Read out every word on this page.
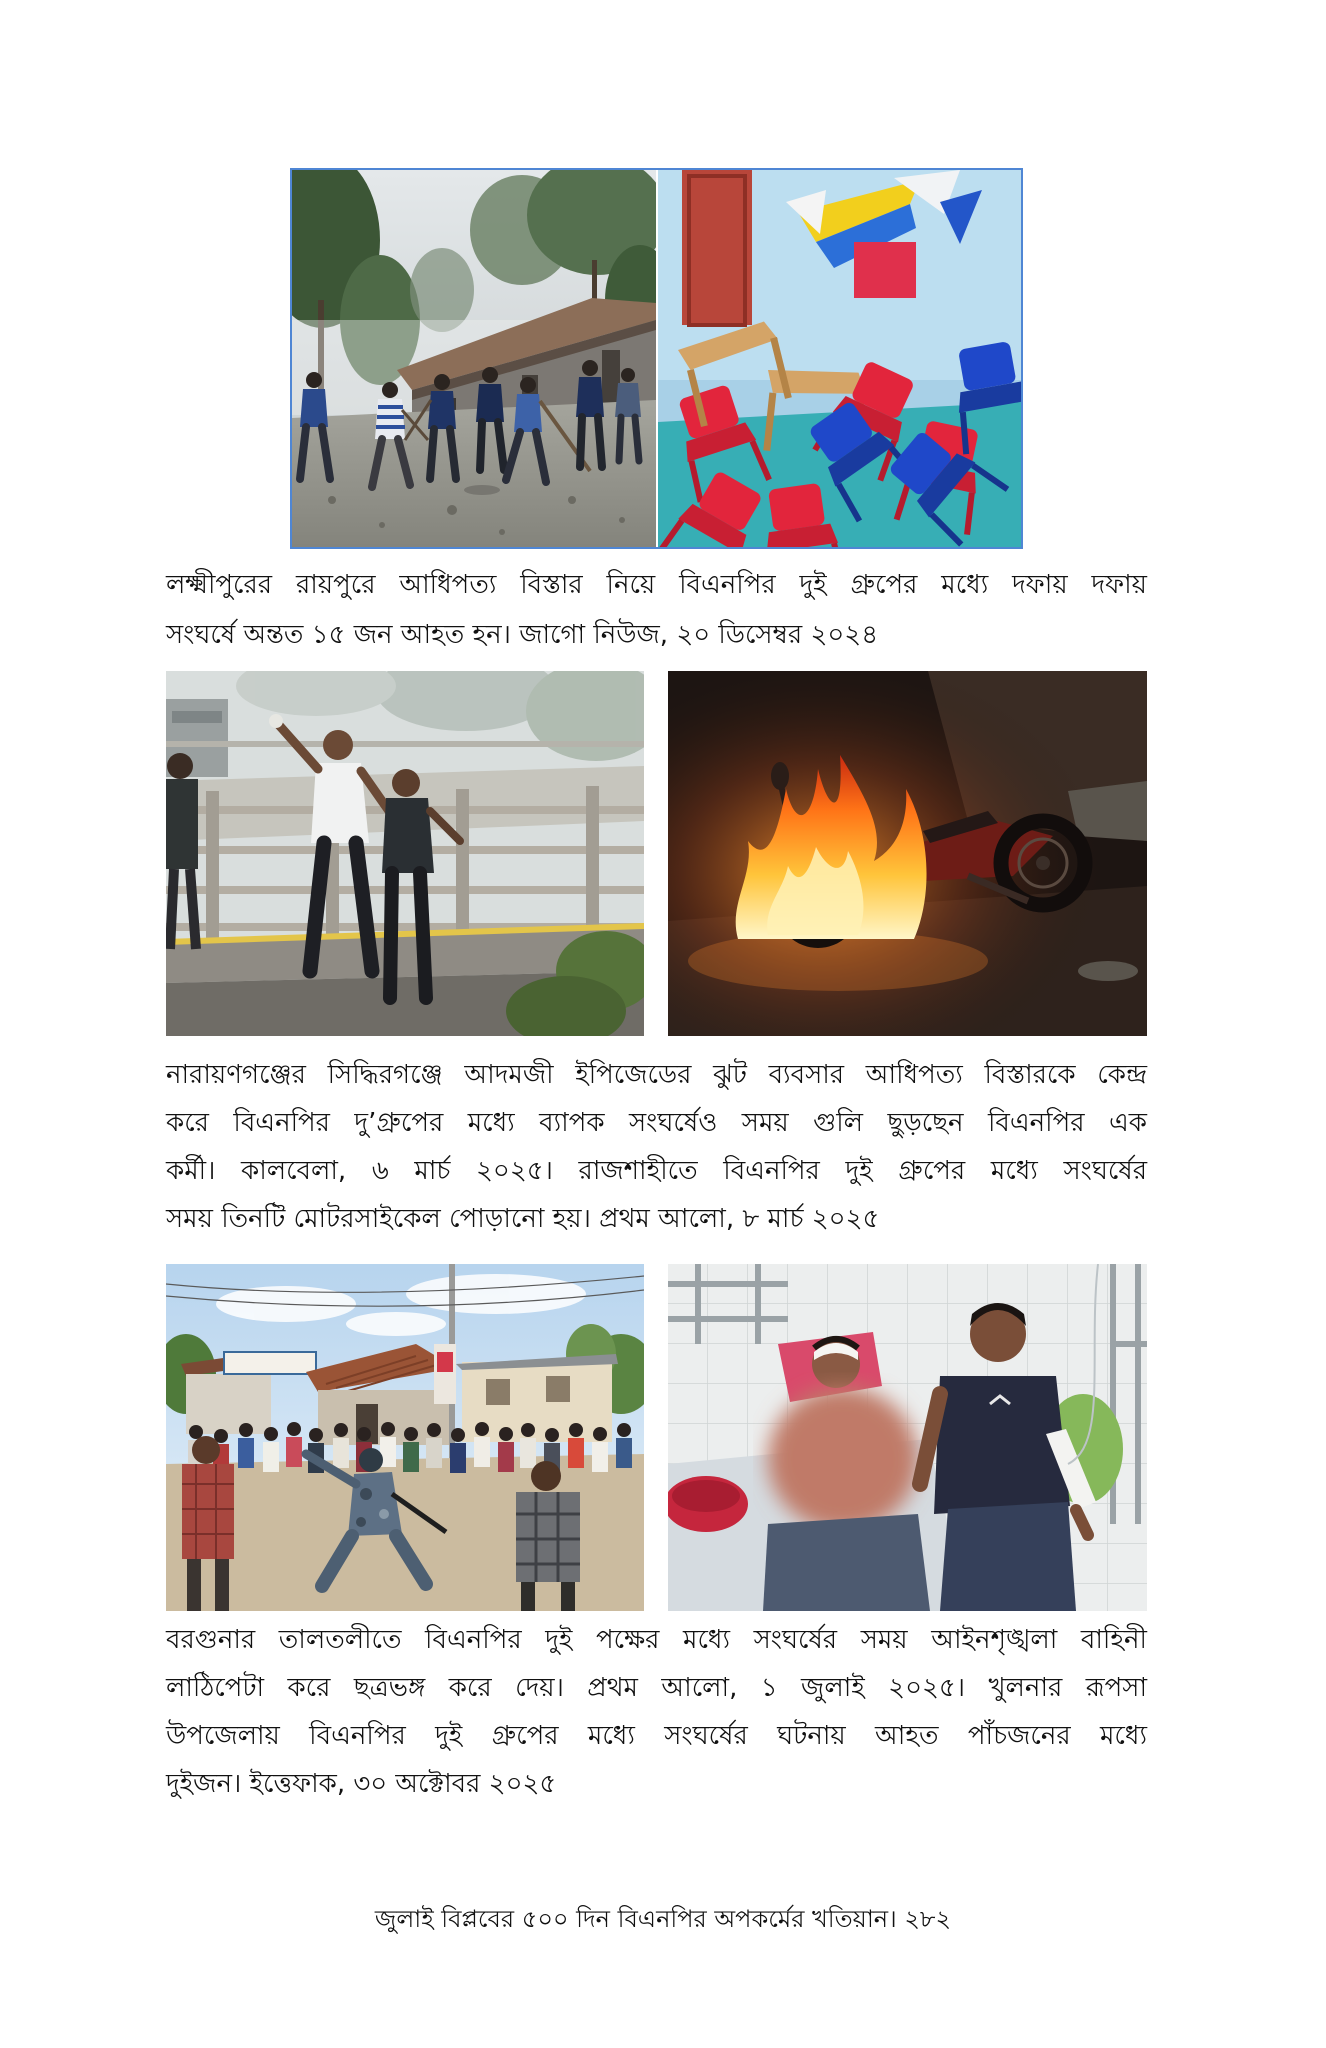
লক্ষ্মীপুরের রায়পুরে আধিপত্য বিস্তার নিয়ে বিএনপির দুই গ্রুপের মধ্যে দফায় দফায়
সংঘর্ষে অন্তত ১৫ জন আহত হন। জাগো নিউজ, ২০ ডিসেম্বর ২০২৪
নারায়ণগঞ্জের সিদ্ধিরগঞ্জে আদমজী ইপিজেডের ঝুট ব্যবসার আধিপত্য বিস্তারকে কেন্দ্র
করে বিএনপির দু’গ্রুপের মধ্যে ব্যাপক সংঘর্ষেও সময় গুলি ছুড়ছেন বিএনপির এক
কর্মী। কালবেলা, ৬ মার্চ ২০২৫। রাজশাহীতে বিএনপির দুই গ্রুপের মধ্যে সংঘর্ষের
সময় তিনটি মোটরসাইকেল পোড়ানো হয়। প্রথম আলো, ৮ মার্চ ২০২৫
বরগুনার তালতলীতে বিএনপির দুই পক্ষের মধ্যে সংঘর্ষের সময় আইনশৃঙ্খলা বাহিনী
লাঠিপেটা করে ছত্রভঙ্গ করে দেয়। প্রথম আলো, ১ জুলাই ২০২৫। খুলনার রূপসা
উপজেলায় বিএনপির দুই গ্রুপের মধ্যে সংঘর্ষের ঘটনায় আহত পাঁচজনের মধ্যে
দুইজন। ইত্তেফাক, ৩০ অক্টোবর ২০২৫
জুলাই বিপ্লবের ৫০০ দিন বিএনপির অপকর্মের খতিয়ান। ২৮২
